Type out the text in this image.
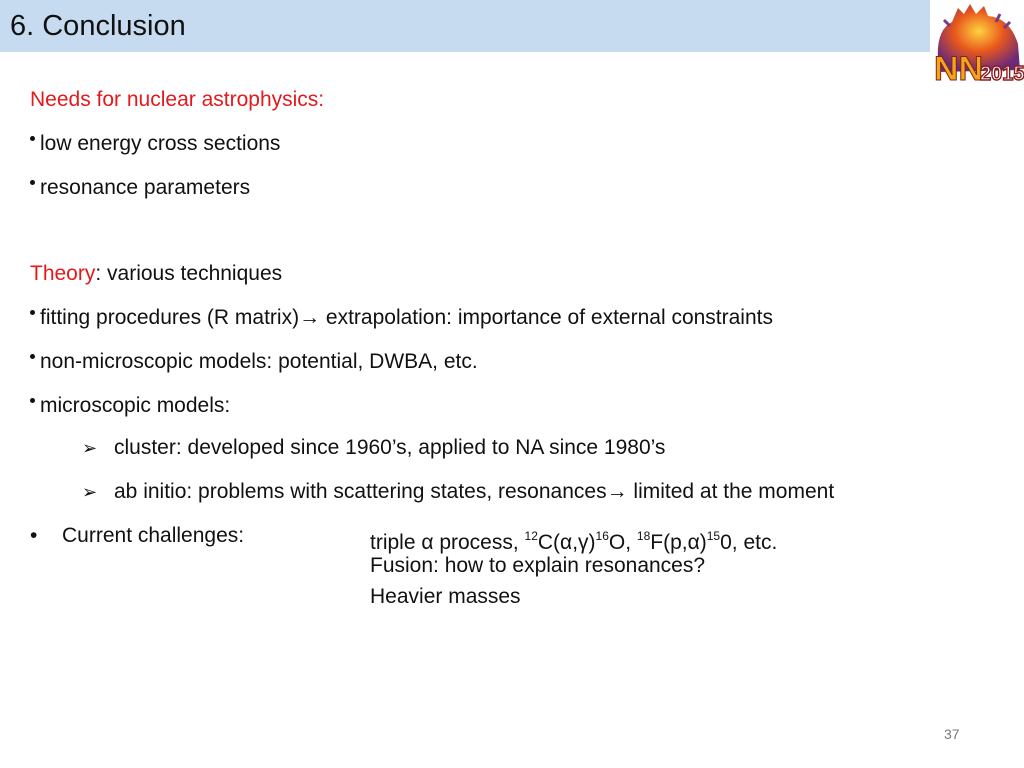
6. Conclusion
NN
2015
Needs for nuclear astrophysics:
low energy cross sections
resonance parameters
Theory: various techniques
fitting procedures (R matrix)→ extrapolation: importance of external constraints
non-microscopic models: potential, DWBA, etc.
microscopic models:
➢ cluster: developed since 1960’s, applied to NA since 1980’s
➢ ab initio: problems with scattering states, resonances→ limited at the moment
• Current challenges:	triple α process, $^{12}C(\alpha,\gamma)^{16}O$, $^{18}F(p,\alpha)^{15}0$, etc.
Fusion: how to explain resonances?
Heavier masses
37
